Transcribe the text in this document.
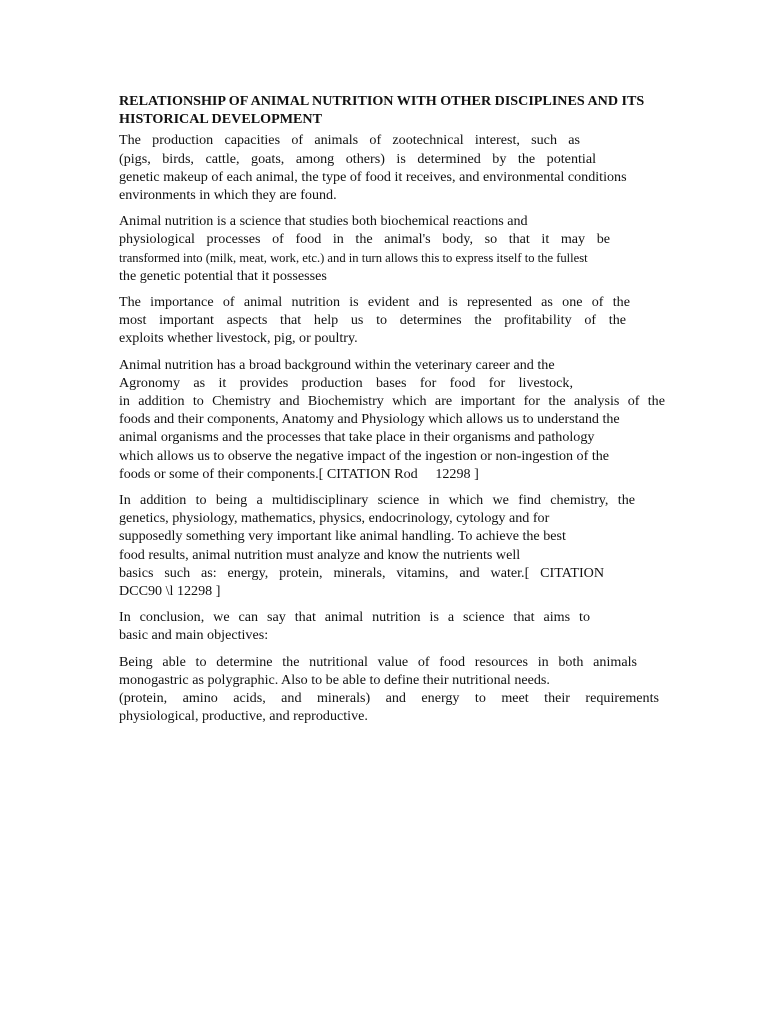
RELATIONSHIP OF ANIMAL NUTRITION WITH OTHER DISCIPLINES AND ITS
HISTORICAL DEVELOPMENT
The production capacities of animals of zootechnical interest, such as
(pigs, birds, cattle, goats, among others) is determined by the potential
genetic makeup of each animal, the type of food it receives, and environmental conditions
environments in which they are found.
Animal nutrition is a science that studies both biochemical reactions and
physiological processes of food in the animal's body, so that it may be
transformed into (milk, meat, work, etc.) and in turn allows this to express itself to the fullest
the genetic potential that it possesses
The importance of animal nutrition is evident and is represented as one of the
most important aspects that help us to determines the profitability of the
exploits whether livestock, pig, or poultry.
Animal nutrition has a broad background within the veterinary career and the
Agronomy as it provides production bases for food for livestock,
in addition to Chemistry and Biochemistry which are important for the analysis of the
foods and their components, Anatomy and Physiology which allows us to understand the
animal organisms and the processes that take place in their organisms and pathology
which allows us to observe the negative impact of the ingestion or non-ingestion of the
foods or some of their components.[ CITATION Rod     12298 ]
In addition to being a multidisciplinary science in which we find chemistry, the
genetics, physiology, mathematics, physics, endocrinology, cytology and for
supposedly something very important like animal handling. To achieve the best
food results, animal nutrition must analyze and know the nutrients well
basics such as: energy, protein, minerals, vitamins, and water.[ CITATION
DCC90 \l 12298 ]
In conclusion, we can say that animal nutrition is a science that aims to
basic and main objectives:
Being able to determine the nutritional value of food resources in both animals
monogastric as polygraphic. Also to be able to define their nutritional needs.
(protein, amino acids, and minerals) and energy to meet their requirements
physiological, productive, and reproductive.
